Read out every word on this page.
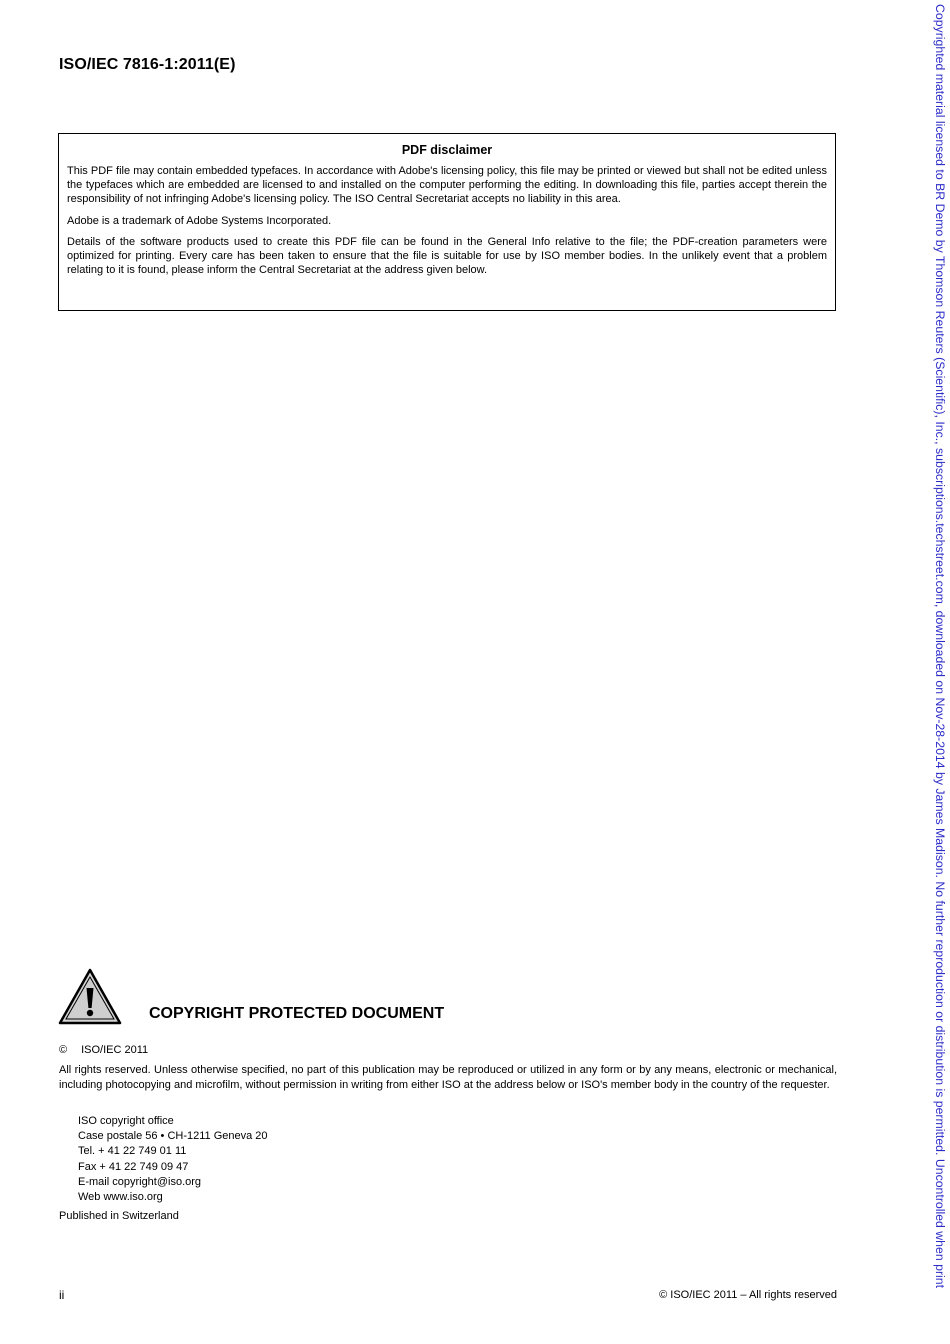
ISO/IEC 7816-1:2011(E)
PDF disclaimer

This PDF file may contain embedded typefaces. In accordance with Adobe's licensing policy, this file may be printed or viewed but shall not be edited unless the typefaces which are embedded are licensed to and installed on the computer performing the editing. In downloading this file, parties accept therein the responsibility of not infringing Adobe's licensing policy. The ISO Central Secretariat accepts no liability in this area.

Adobe is a trademark of Adobe Systems Incorporated.

Details of the software products used to create this PDF file can be found in the General Info relative to the file; the PDF-creation parameters were optimized for printing. Every care has been taken to ensure that the file is suitable for use by ISO member bodies. In the unlikely event that a problem relating to it is found, please inform the Central Secretariat at the address given below.

COPYRIGHT PROTECTED DOCUMENT
© ISO/IEC 2011

All rights reserved. Unless otherwise specified, no part of this publication may be reproduced or utilized in any form or by any means, electronic or mechanical, including photocopying and microfilm, without permission in writing from either ISO at the address below or ISO's member body in the country of the requester.

ISO copyright office
Case postale 56 • CH-1211 Geneva 20
Tel. + 41 22 749 01 11
Fax + 41 22 749 09 47
E-mail copyright@iso.org
Web www.iso.org
Published in Switzerland
ii	© ISO/IEC 2011 – All rights reserved
Copyrighted material licensed to BR Demo by Thomson Reuters (Scientific), Inc., subscriptions.techstreet.com, downloaded on Nov-28-2014 by James Madison. No further reproduction or distribution is permitted. Uncontrolled when print
